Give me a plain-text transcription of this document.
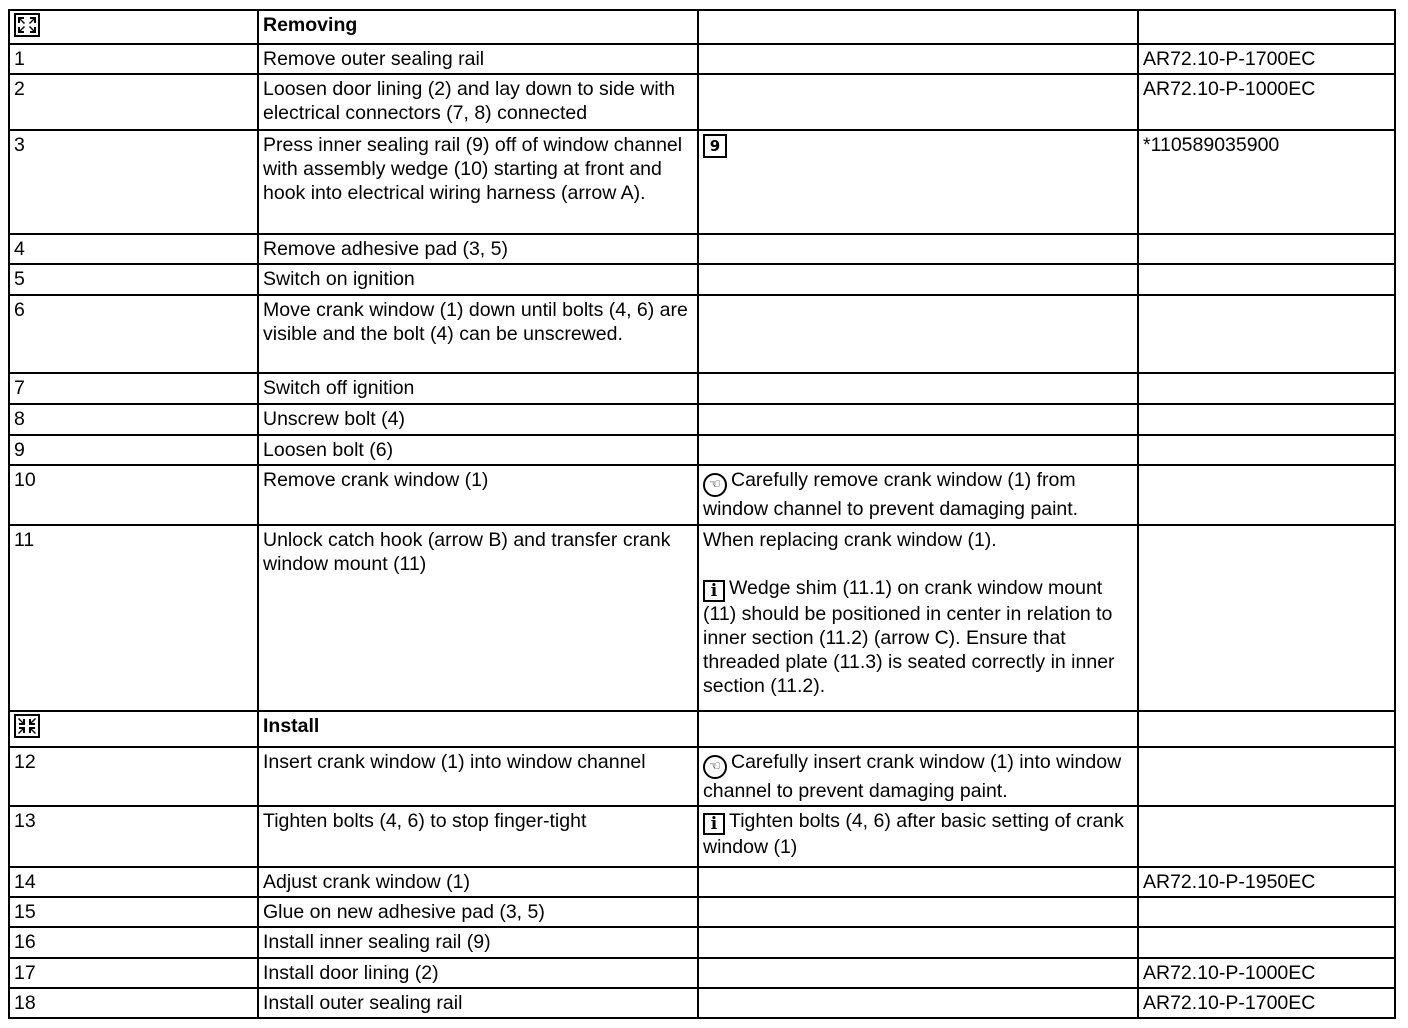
	Removing		
1	Remove outer sealing rail		AR72.10-P-1700EC
2	Loosen door lining (2) and lay down to side with electrical connectors (7, 8) connected		AR72.10-P-1000EC
3	Press inner sealing rail (9) off of window channel with assembly wedge (10) starting at front and hook into electrical wiring harness (arrow A).	9	*110589035900
4	Remove adhesive pad (3, 5)		
5	Switch on ignition		
6	Move crank window (1) down until bolts (4, 6) are visible and the bolt (4) can be unscrewed.		
7	Switch off ignition		
8	Unscrew bolt (4)		
9	Loosen bolt (6)		
10	Remove crank window (1)	☜ Carefully remove crank window (1) from window channel to prevent damaging paint.	
11	Unlock catch hook (arrow B) and transfer crank window mount (11)	When replacing crank window (1).
i Wedge shim (11.1) on crank window mount (11) should be positioned in center in relation to inner section (11.2) (arrow C). Ensure that threaded plate (11.3) is seated correctly in inner section (11.2).	

	Install		
12	Insert crank window (1) into window channel	☜ Carefully insert crank window (1) into window channel to prevent damaging paint.	
13	Tighten bolts (4, 6) to stop finger-tight	i Tighten bolts (4, 6) after basic setting of crank window (1)	
14	Adjust crank window (1)		AR72.10-P-1950EC
15	Glue on new adhesive pad (3, 5)		
16	Install inner sealing rail (9)		
17	Install door lining (2)		AR72.10-P-1000EC
18	Install outer sealing rail		AR72.10-P-1700EC
